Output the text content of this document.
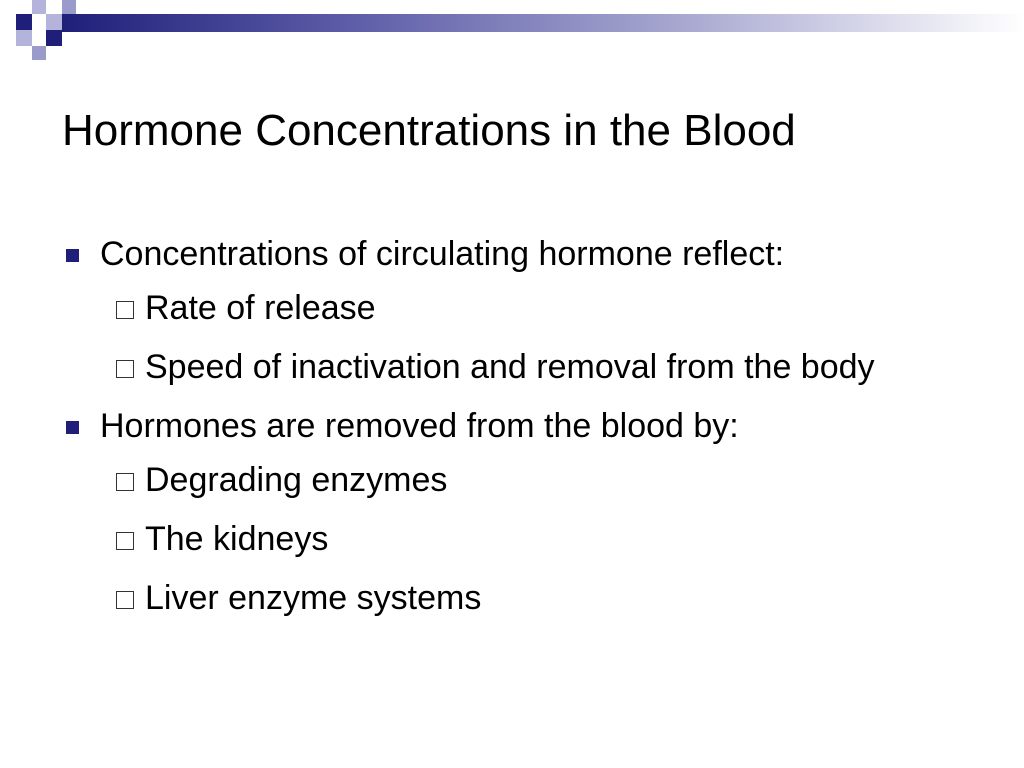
Hormone Concentrations in the Blood
Concentrations of circulating hormone reflect:
Rate of release
Speed of inactivation and removal from the body
Hormones are removed from the blood by:
Degrading enzymes
The kidneys
Liver enzyme systems
